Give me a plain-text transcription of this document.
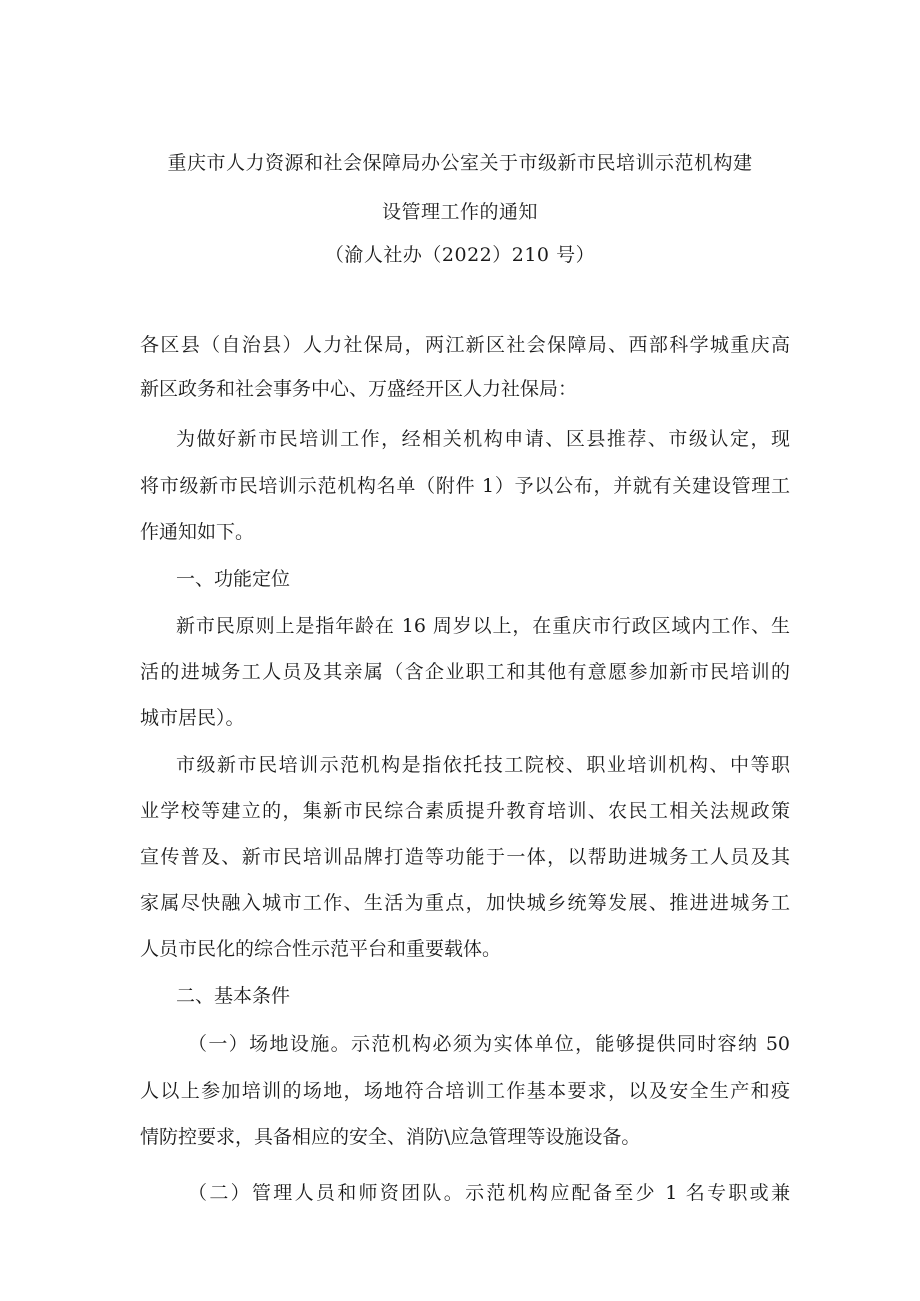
重庆市人力资源和社会保障局办公室关于市级新市民培训示范机构建
设管理工作的通知
（渝人社办（2022）210 号）
各区县（自治县）人力社保局，两江新区社会保障局、西部科学城重庆高
新区政务和社会事务中心、万盛经开区人力社保局：
为做好新市民培训工作，经相关机构申请、区县推荐、市级认定，现
将市级新市民培训示范机构名单（附件 1）予以公布，并就有关建设管理工
作通知如下。
一、功能定位
新市民原则上是指年龄在 16 周岁以上，在重庆市行政区域内工作、生
活的进城务工人员及其亲属（含企业职工和其他有意愿参加新市民培训的
城市居民）。
市级新市民培训示范机构是指依托技工院校、职业培训机构、中等职
业学校等建立的，集新市民综合素质提升教育培训、农民工相关法规政策
宣传普及、新市民培训品牌打造等功能于一体，以帮助进城务工人员及其
家属尽快融入城市工作、生活为重点，加快城乡统筹发展、推进进城务工
人员市民化的综合性示范平台和重要载体。
二、基本条件
（一）场地设施。示范机构必须为实体单位，能够提供同时容纳 50
人以上参加培训的场地，场地符合培训工作基本要求，以及安全生产和疫
情防控要求，具备相应的安全、消防\应急管理等设施设备。
（二）管理人员和师资团队。示范机构应配备至少 1 名专职或兼
